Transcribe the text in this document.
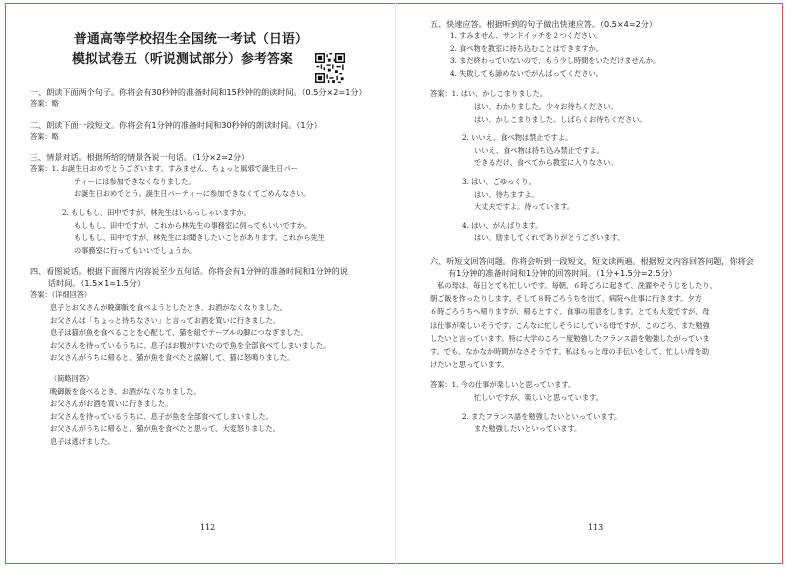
普通高等学校招生全国统一考试（日语）
模拟试卷五（听说测试部分）参考答案

一、朗读下面两个句子。你将会有30秒钟的准备时间和15秒钟的朗读时间。（0.5分×2=1分）

答案：略

二、朗读下面一段短文。你将会有1分钟的准备时间和30秒钟的朗读时间。（1分）

答案：略

三、情景对话。根据所给的情景各说一句话。（1分×2=2分）

答案：1. お誕生日おめでとうございます。すみません、ちょっと風邪で誕生日パー

ティーには参加できなくなりました。

お誕生日おめでとう。誕生日パーティーに参加できなくてごめんなさい。

2. もしもし、田中ですが、林先生はいらっしゃいますか。

もしもし、田中ですが、これから林先生の事務室に伺ってもいいですか。

もしもし、田中ですが、林先生にお聞きしたいことがあります。これから先生

の事務室に行ってもいいでしょうか。

四、看图说话。根据下面图片内容说至少五句话。你将会有1分钟的准备时间和1分钟的说

话时间。（1.5×1=1.5分）

答案：（详细回答）

息子とお父さんが晩御飯を食べようとしたとき、お酒がなくなりました。

お父さんは「ちょっと待ちなさい」と言ってお酒を買いに行きました。

息子は猫が魚を食べることを心配して、猫を紐でテーブルの脚につなぎました。

お父さんを待っているうちに、息子はお腹がすいたので魚を全部食べてしまいました。

お父さんがうちに帰ると、猫が魚を食べたと誤解して、猫に怒鳴りました。

（简略回答）

晩御飯を食べるとき、お酒がなくなりました。

お父さんがお酒を買いに行きました。

お父さんを待っているうちに、息子が魚を全部食べてしまいました。

お父さんがうちに帰ると、猫が魚を食べたと思って、大変怒りました。

息子は逃げました。

112

五、快速应答。根据听到的句子做出快速应答。（0.5×4=2分）

1. すみません、サンドイッチを２つください。

2. 食べ物を教室に持ち込むことはできますか。

3. まだ終わっていないので、もう少し時間をいただけませんか。

4. 失敗しても諦めないでがんばってください。

答案：1. はい、かしこまりました。

はい、わかりました。少々お待ちください。

はい、かしこまりました。しばらくお待ちください。

2. いいえ、食べ物は禁止ですよ。

いいえ、食べ物は持ち込み禁止ですよ。

できるだけ、食べてから教室に入りなさい。

3. はい、ごゆっくり。

はい、待ちますよ。

大丈夫ですよ。待っています。

4. はい、がんばります。

はい、励ましてくれてありがとうございます。

六、听短文回答问题。你将会听到一段短文，短文读两遍。根据短文内容回答问题，你将会

有1分钟的准备时间和1分钟的回答时间。（1分+1.5分=2.5分）

　私の母は、毎日とても忙しいです。毎朝、６時ごろに起きて、洗濯やそうじをしたり、

朝ご飯を作ったりします。そして８時ごろうちを出て、病院へ仕事に行きます。夕方

６時ごろうちへ帰りますが、帰るとすぐ、食事の用意をします。とても大変ですが、母

は仕事が楽しいそうです。こんなに忙しそうにしている母ですが、このごろ、また勉強

したいと言っています。特に大学のころ一度勉強したフランス語を勉強したがっていま

す。でも、なかなか時間がなさそうです。私はもっと母の手伝いをして、忙しい母を助

けたいと思っています。

答案：1. 今の仕事が楽しいと思っています。

忙しいですが、楽しいと思っています。

2. またフランス語を勉強したいといっています。

また勉強したいといっています。

113
